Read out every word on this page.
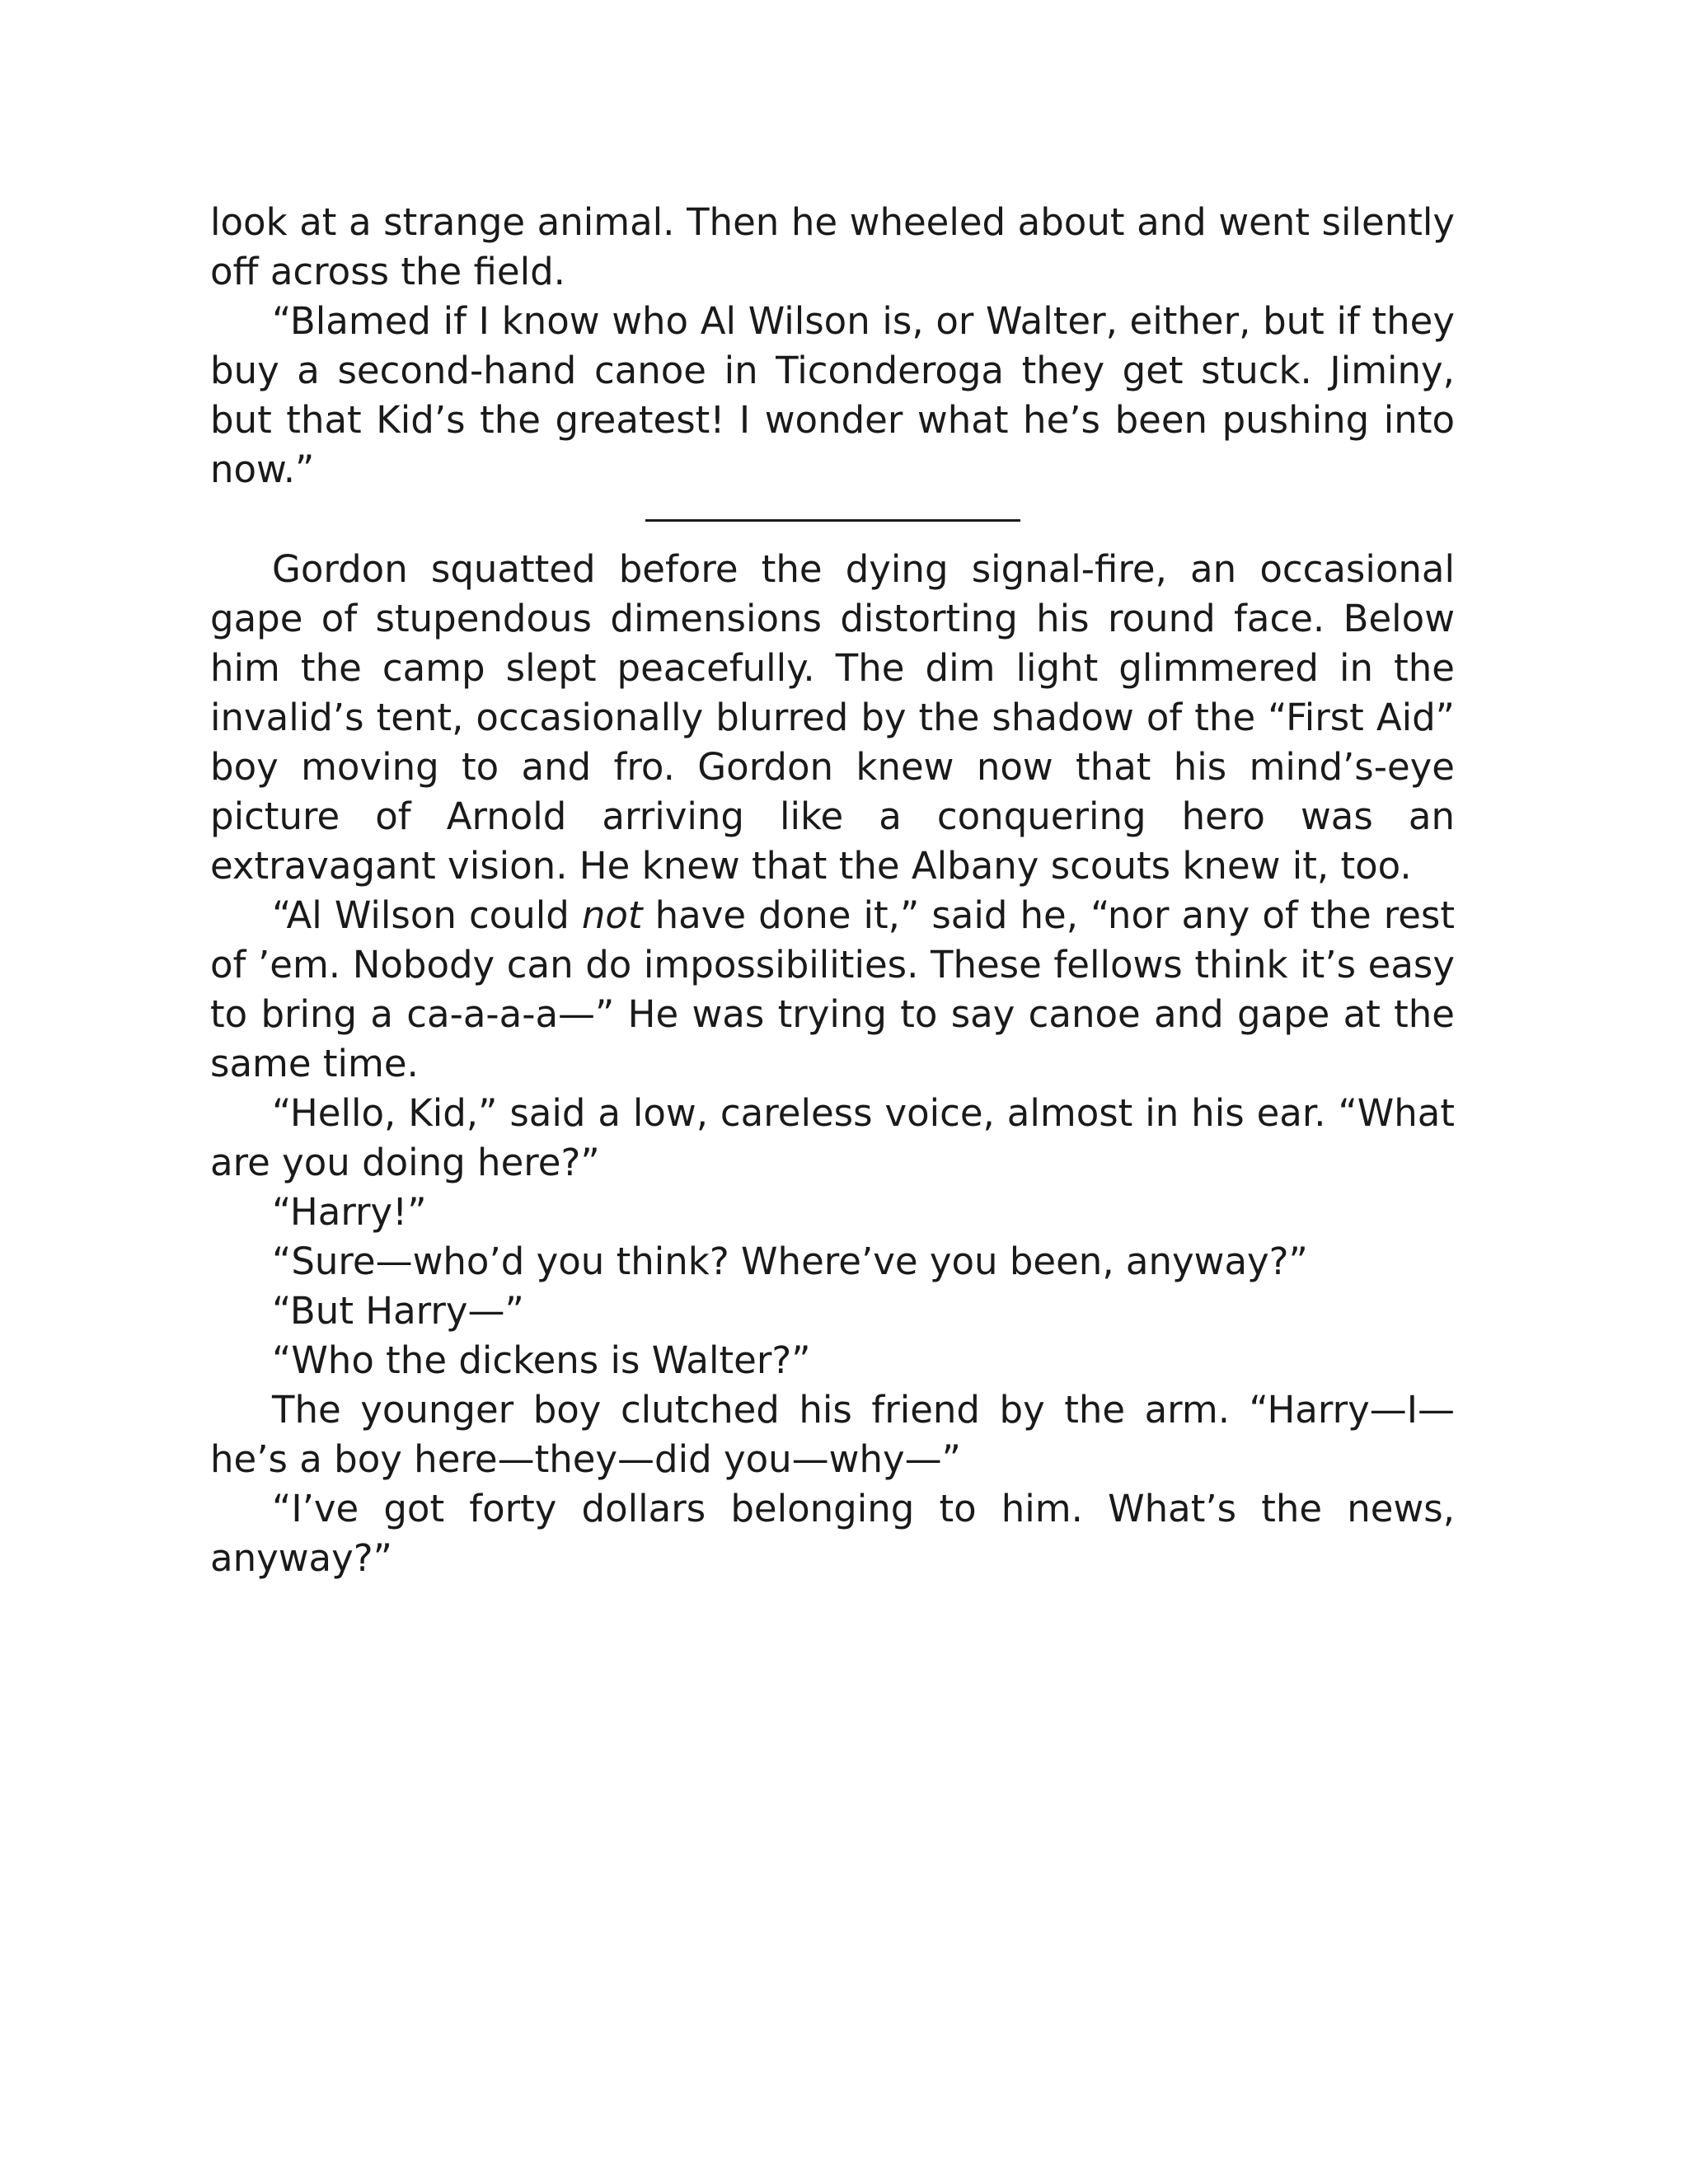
look at a strange animal. Then he wheeled about and went silently off across the field.

“Blamed if I know who Al Wilson is, or Walter, either, but if they buy a second-hand canoe in Ticonderoga they get stuck. Jiminy, but that Kid’s the greatest! I wonder what he’s been pushing into now.”

Gordon squatted before the dying signal-fire, an occasional gape of stupendous dimensions distorting his round face. Below him the camp slept peacefully. The dim light glimmered in the invalid’s tent, occasionally blurred by the shadow of the “First Aid” boy moving to and fro. Gordon knew now that his mind’s-eye picture of Arnold arriving like a conquering hero was an extravagant vision. He knew that the Albany scouts knew it, too.

“Al Wilson could not have done it,” said he, “nor any of the rest of ’em. Nobody can do impossibilities. These fellows think it’s easy to bring a ca-a-a-a—” He was trying to say canoe and gape at the same time.

“Hello, Kid,” said a low, careless voice, almost in his ear. “What are you doing here?”

“Harry!”

“Sure—who’d you think? Where’ve you been, anyway?”

“But Harry—”

“Who the dickens is Walter?”

The younger boy clutched his friend by the arm. “Harry—I—he’s a boy here—they—did you—why—”

“I’ve got forty dollars belonging to him. What’s the news, anyway?”
